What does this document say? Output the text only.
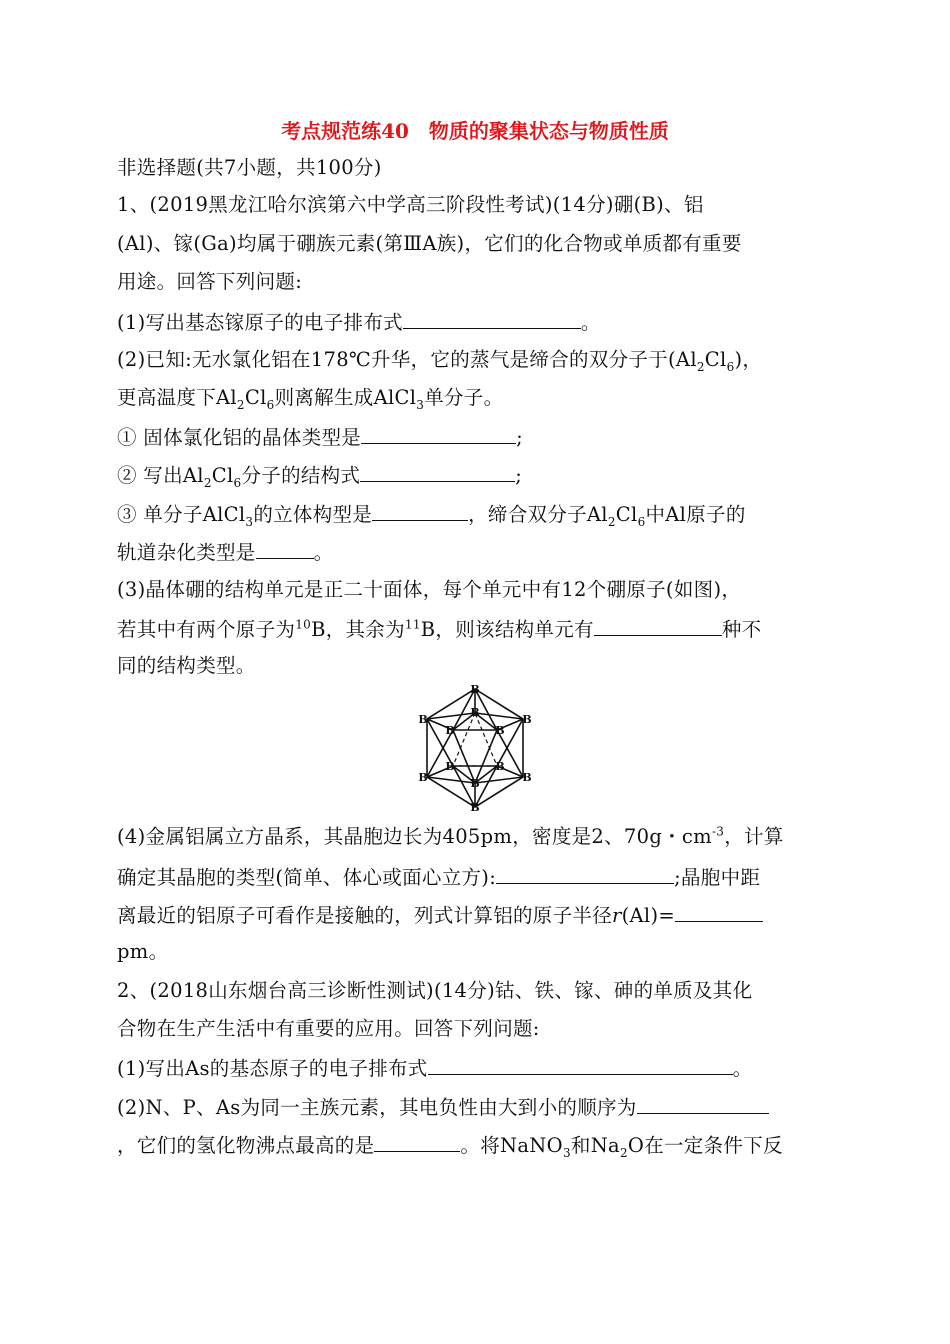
考点规范练40　物质的聚集状态与物质性质
非选择题(共7小题，共100分)
1、(2019黑龙江哈尔滨第六中学高三阶段性考试)(14分)硼(B)、铝
(Al)、镓(Ga)均属于硼族元素(第ⅢA族)，它们的化合物或单质都有重要
用途。回答下列问题:
(1)写出基态镓原子的电子排布式	。
(2)已知:无水氯化铝在178℃升华，它的蒸气是缔合的双分子于$(Al_2Cl_6)$，
更高温度下$Al_2Cl_6$则离解生成AlCl$_3$单分子。
① 固体氯化铝的晶体类型是	;
② 写出$Al_2Cl_6$分子的结构式	;
③ 单分子AlCl$_3$的立体构型是	，缔合双分子$Al_2Cl_6$中Al原子的
轨道杂化类型是	。
(3)晶体硼的结构单元是正二十面体，每个单元中有12个硼原子(如图)，
若其中有两个原子为$^{10}$B，其余为$^{11}$B，则该结构单元有	种不
同的结构类型。
B
B	B
B	B
B
B
B	B
B	B
B
(4)金属铝属立方晶系，其晶胞边长为405pm，密度是2、70g・$cm^{-3}$，计算
确定其晶胞的类型(简单、体心或面心立方):	;晶胞中距
离最近的铝原子可看作是接触的，列式计算铝的原子半径r(Al)=
pm。
2、(2018山东烟台高三诊断性测试)(14分)钴、铁、镓、砷的单质及其化
合物在生产生活中有重要的应用。回答下列问题:
(1)写出As的基态原子的电子排布式	。
(2)N、P、As为同一主族元素，其电负性由大到小的顺序为
，它们的氢化物沸点最高的是	。将NaNO$_3$和$Na_2O$在一定条件下反
